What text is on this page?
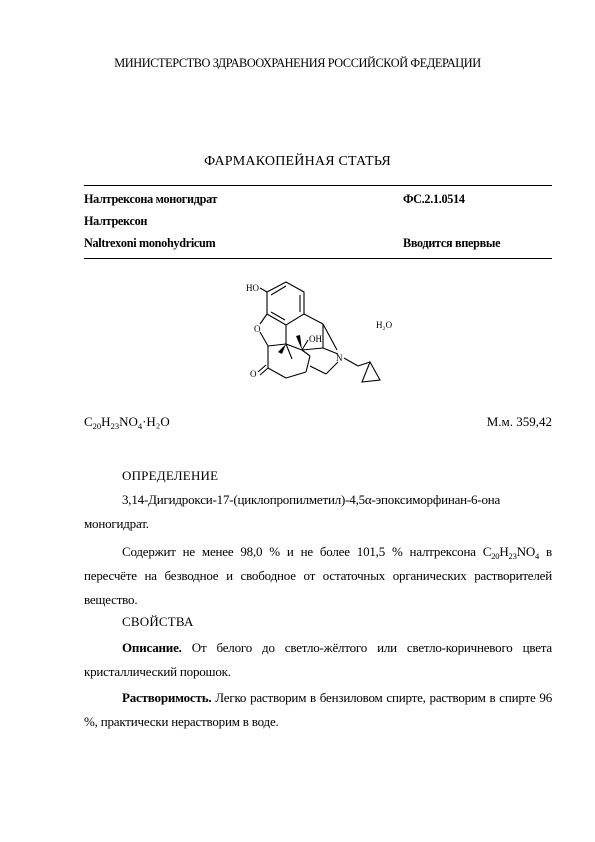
МИНИСТЕРСТВО ЗДРАВООХРАНЕНИЯ РОССИЙСКОЙ ФЕДЕРАЦИИ
ФАРМАКОПЕЙНАЯ СТАТЬЯ
Налтрексона моногидрат	ФС.2.1.0514
Налтрексон
Naltrexoni monohydricum	Вводится впервые
HO
O
OH
N
O
H₂O
$C_{20}H_{23}NO_4\cdot H_2O$	М.м. 359,42
ОПРЕДЕЛЕНИЕ
3,14-Дигидрокси-17-(циклопропилметил)-4,5α-эпоксиморфинан-6-она моногидрат.
Содержит не менее 98,0 % и не более 101,5 % налтрексона $C_{20}H_{23}NO_4$ в пересчёте на безводное и свободное от остаточных органических растворителей вещество.
СВОЙСТВА
Описание. От белого до светло-жёлтого или светло-коричневого цвета кристаллический порошок.
Растворимость. Легко растворим в бензиловом спирте, растворим в спирте 96 %, практически нерастворим в воде.
